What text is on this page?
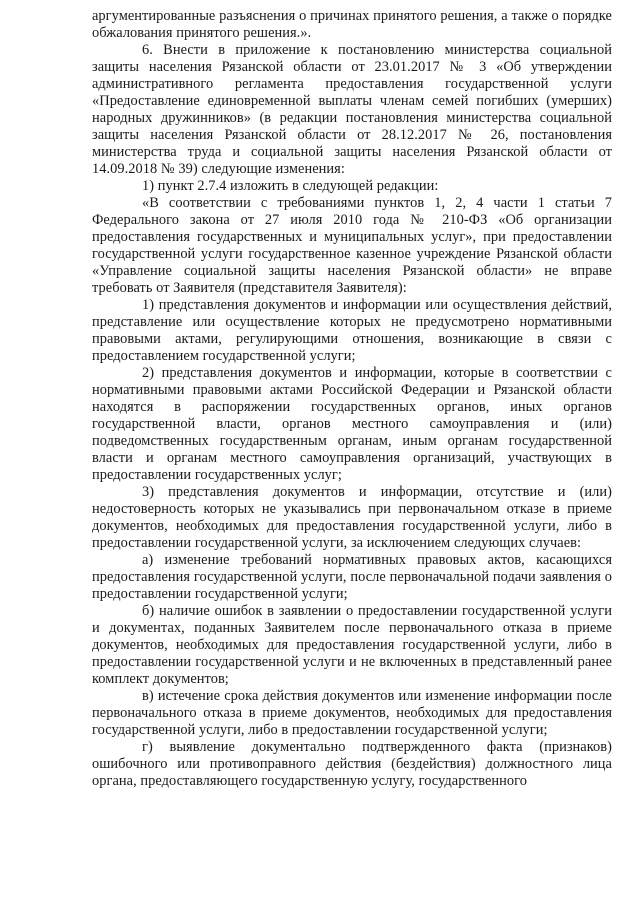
аргументированные разъяснения о причинах принятого решения, а также о порядке обжалования принятого решения.».

6. Внести в приложение к постановлению министерства социальной защиты населения Рязанской области от 23.01.2017 № 3 «Об утверждении административного регламента предоставления государственной услуги «Предоставление единовременной выплаты членам семей погибших (умерших) народных дружинников» (в редакции постановления министерства социальной защиты населения Рязанской области от 28.12.2017 № 26, постановления министерства труда и социальной защиты населения Рязанской области от 14.09.2018 № 39) следующие изменения:

1) пункт 2.7.4 изложить в следующей редакции:

«В соответствии с требованиями пунктов 1, 2, 4 части 1 статьи 7 Федерального закона от 27 июля 2010 года № 210-ФЗ «Об организации предоставления государственных и муниципальных услуг», при предоставлении государственной услуги государственное казенное учреждение Рязанской области «Управление социальной защиты населения Рязанской области» не вправе требовать от Заявителя (представителя Заявителя):

1) представления документов и информации или осуществления действий, представление или осуществление которых не предусмотрено нормативными правовыми актами, регулирующими отношения, возникающие в связи с предоставлением государственной услуги;

2) представления документов и информации, которые в соответствии с нормативными правовыми актами Российской Федерации и Рязанской области находятся в распоряжении государственных органов, иных органов государственной власти, органов местного самоуправления и (или) подведомственных государственным органам, иным органам государственной власти и органам местного самоуправления организаций, участвующих в предоставлении государственных услуг;

3) представления документов и информации, отсутствие и (или) недостоверность которых не указывались при первоначальном отказе в приеме документов, необходимых для предоставления государственной услуги, либо в предоставлении государственной услуги, за исключением следующих случаев:

а) изменение требований нормативных правовых актов, касающихся предоставления государственной услуги, после первоначальной подачи заявления о предоставлении государственной услуги;

б) наличие ошибок в заявлении о предоставлении государственной услуги и документах, поданных Заявителем после первоначального отказа в приеме документов, необходимых для предоставления государственной услуги, либо в предоставлении государственной услуги и не включенных в представленный ранее комплект документов;

в) истечение срока действия документов или изменение информации после первоначального отказа в приеме документов, необходимых для предоставления государственной услуги, либо в предоставлении государственной услуги;

г) выявление документально подтвержденного факта (признаков) ошибочного или противоправного действия (бездействия) должностного лица органа, предоставляющего государственную услугу, государственного
